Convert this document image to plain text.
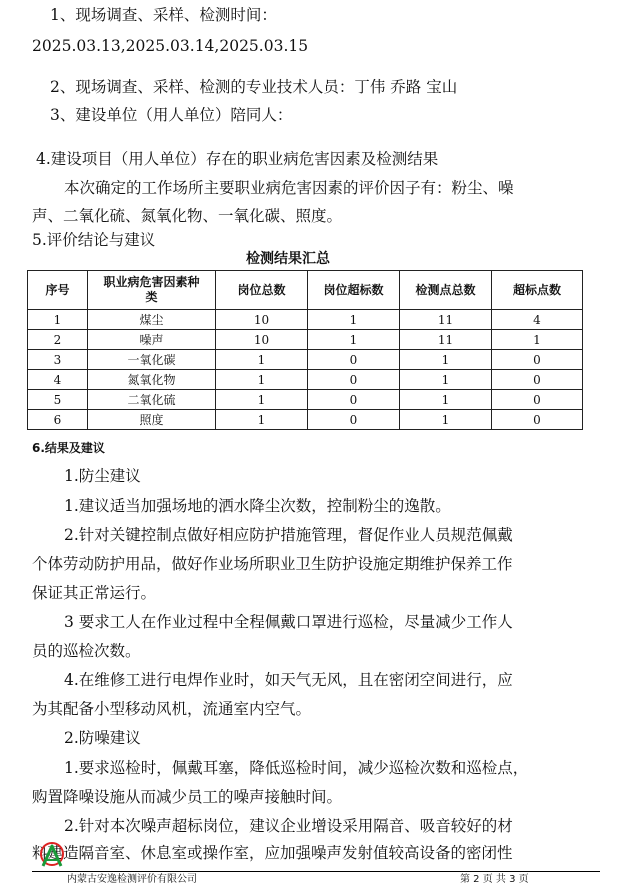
1、现场调查、采样、检测时间：
2025.03.13,2025.03.14,2025.03.15
2、现场调查、采样、检测的专业技术人员：丁伟 乔路 宝山
3、建设单位（用人单位）陪同人：
4.建设项目（用人单位）存在的职业病危害因素及检测结果
本次确定的工作场所主要职业病危害因素的评价因子有：粉尘、噪
声、二氧化硫、氮氧化物、一氧化碳、照度。
5.评价结论与建议
检测结果汇总
序号	职业病危害因素种类	岗位总数	岗位超标数	检测点总数	超标点数
1	煤尘	10	1	11	4
2	噪声	10	1	11	1
3	一氧化碳	1	0	1	0
4	氮氧化物	1	0	1	0
5	二氧化硫	1	0	1	0
6	照度	1	0	1	0
6.结果及建议
1.防尘建议
1.建议适当加强场地的洒水降尘次数，控制粉尘的逸散。
2.针对关键控制点做好相应防护措施管理，督促作业人员规范佩戴
个体劳动防护用品，做好作业场所职业卫生防护设施定期维护保养工作
保证其正常运行。
3 要求工人在作业过程中全程佩戴口罩进行巡检，尽量减少工作人
员的巡检次数。
4.在维修工进行电焊作业时，如天气无风，且在密闭空间进行，应
为其配备小型移动风机，流通室内空气。
2.防噪建议
1.要求巡检时，佩戴耳塞，降低巡检时间，减少巡检次数和巡检点，
购置降噪设施从而减少员工的噪声接触时间。
2.针对本次噪声超标岗位，建议企业增设采用隔音、吸音较好的材
料建造隔音室、休息室或操作室，应加强噪声发射值较高设备的密闭性
内蒙古安逸检测评价有限公司	第 2 页 共 3 页
